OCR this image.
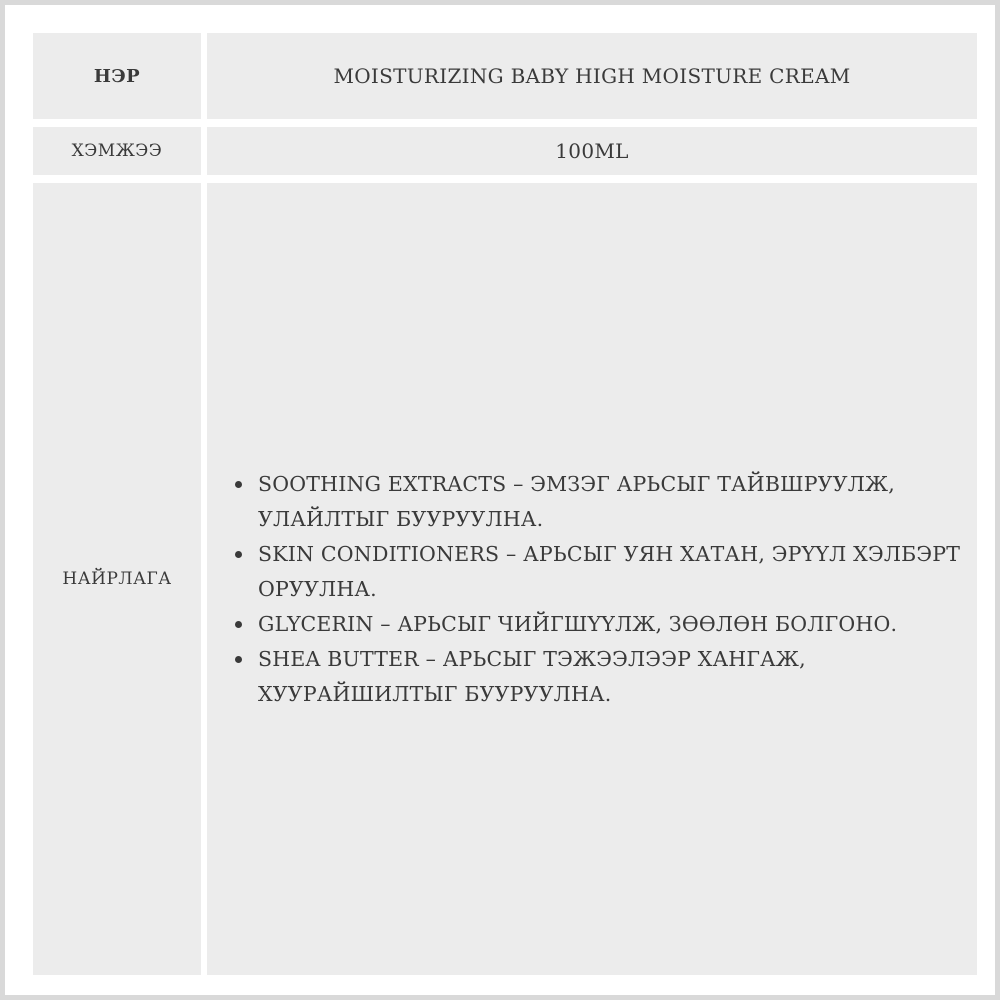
НЭР	MOISTURIZING BABY HIGH MOISTURE CREAM
ХЭМЖЭЭ	100ML
НАЙРЛАГА
SOOTHING EXTRACTS – ЭМЗЭГ АРЬСЫГ ТАЙВШРУУЛЖ, УЛАЙЛТЫГ БУУРУУЛНА.
SKIN CONDITIONERS – АРЬСЫГ УЯН ХАТАН, ЭРҮҮЛ ХЭЛБЭРТ ОРУУЛНА.
GLYCERIN – АРЬСЫГ ЧИЙГШҮҮЛЖ, ЗӨӨЛӨН БОЛГОНО.
SHEA BUTTER – АРЬСЫГ ТЭЖЭЭЛЭЭР ХАНГАЖ, ХУУРАЙШИЛТЫГ БУУРУУЛНА.
